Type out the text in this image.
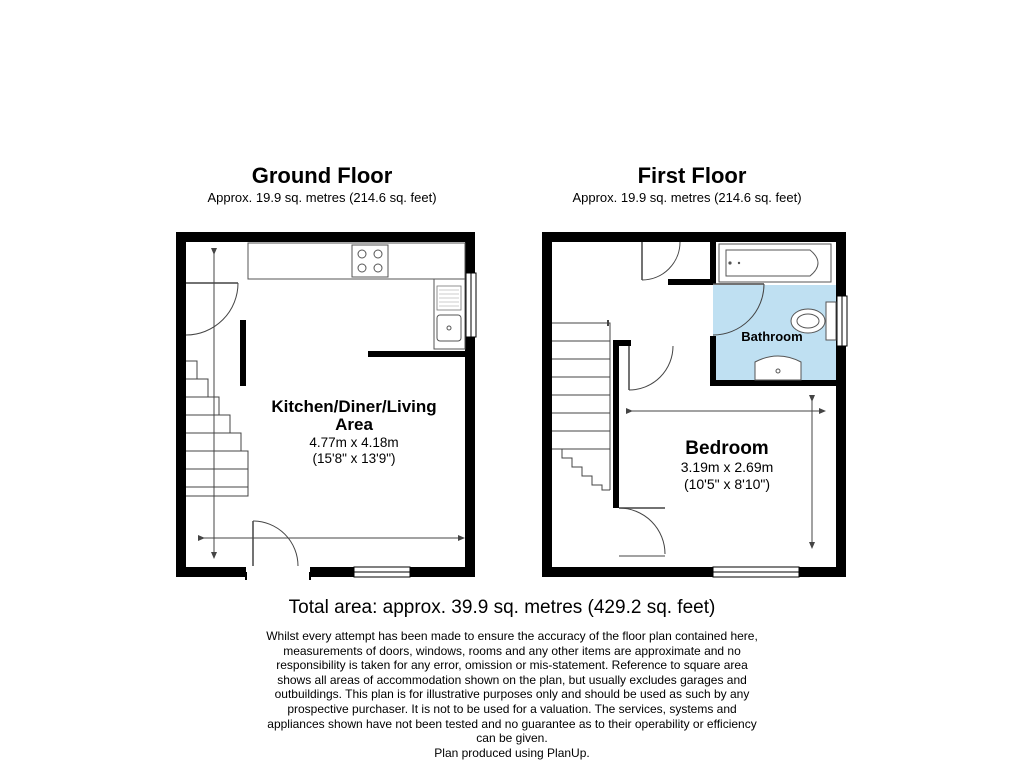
Ground Floor
Approx. 19.9 sq. metres (214.6 sq. feet)
First Floor
Approx. 19.9 sq. metres (214.6 sq. feet)
Kitchen/Diner/Living
Area
4.77m x 4.18m
(15'8" x 13'9")
Bathroom
Bedroom
3.19m x 2.69m
(10'5" x 8'10")
Total area: approx. 39.9 sq. metres (429.2 sq. feet)
Whilst every attempt has been made to ensure the accuracy of the floor plan contained here, measurements of doors, windows, rooms and any other items are approximate and no responsibility is taken for any error, omission or mis-statement. Reference to square area shows all areas of accommodation shown on the plan, but usually excludes garages and outbuildings. This plan is for illustrative purposes only and should be used as such by any prospective purchaser. It is not to be used for a valuation. The services, systems and appliances shown have not been tested and no guarantee as to their operability or efficiency can be given.
Plan produced using PlanUp.
